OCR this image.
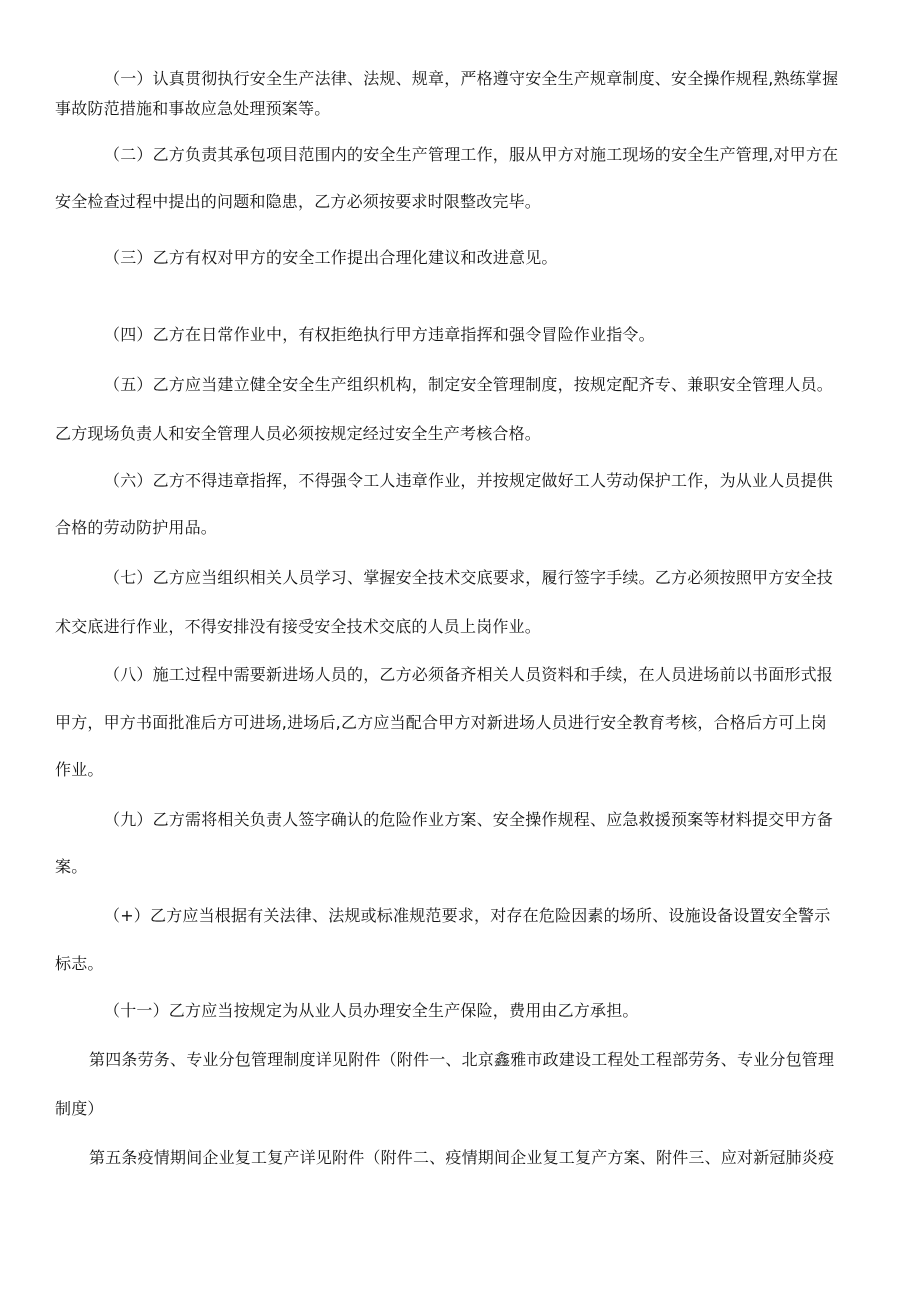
（一）认真贯彻执行安全生产法律、法规、规章，严格遵守安全生产规章制度、安全操作规程,熟练掌握
事故防范措施和事故应急处理预案等。
（二）乙方负责其承包项目范围内的安全生产管理工作，服从甲方对施工现场的安全生产管理,对甲方在
安全检查过程中提出的问题和隐患，乙方必须按要求时限整改完毕。
（三）乙方有权对甲方的安全工作提出合理化建议和改进意见。
（四）乙方在日常作业中，有权拒绝执行甲方违章指挥和强令冒险作业指令。
（五）乙方应当建立健全安全生产组织机构，制定安全管理制度，按规定配齐专、兼职安全管理人员。
乙方现场负责人和安全管理人员必须按规定经过安全生产考核合格。
（六）乙方不得违章指挥，不得强令工人违章作业，并按规定做好工人劳动保护工作，为从业人员提供
合格的劳动防护用品。
（七）乙方应当组织相关人员学习、掌握安全技术交底要求，履行签字手续。乙方必须按照甲方安全技
术交底进行作业，不得安排没有接受安全技术交底的人员上岗作业。
（八）施工过程中需要新进场人员的，乙方必须备齐相关人员资料和手续，在人员进场前以书面形式报
甲方，甲方书面批准后方可进场,进场后,乙方应当配合甲方对新进场人员进行安全教育考核，合格后方可上岗
作业。
（九）乙方需将相关负责人签字确认的危险作业方案、安全操作规程、应急救援预案等材料提交甲方备
案。
（+）乙方应当根据有关法律、法规或标准规范要求，对存在危险因素的场所、设施设备设置安全警示
标志。
（十一）乙方应当按规定为从业人员办理安全生产保险，费用由乙方承担。
第四条劳务、专业分包管理制度详见附件（附件一、北京鑫雅市政建设工程处工程部劳务、专业分包管理
制度）
第五条疫情期间企业复工复产详见附件（附件二、疫情期间企业复工复产方案、附件三、应对新冠肺炎疫
